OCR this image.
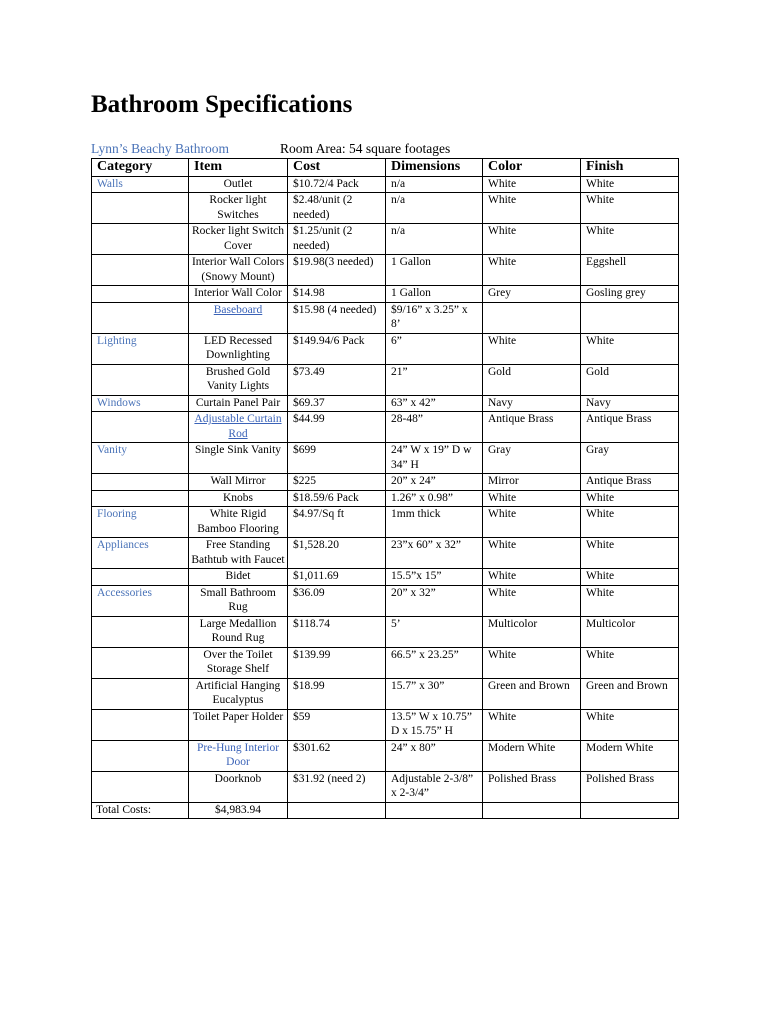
Bathroom Specifications
Lynn’s Beachy Bathroom	Room Area: 54 square footages
Category	Item	Cost	Dimensions	Color	Finish
Walls	Outlet	$10.72/4 Pack	n/a	White	White
	Rocker light Switches	$2.48/unit (2 needed)	n/a	White	White
	Rocker light Switch Cover	$1.25/unit (2 needed)	n/a	White	White
	Interior Wall Colors (Snowy Mount)	$19.98(3 needed)	1 Gallon	White	Eggshell
	Interior Wall Color	$14.98	1 Gallon	Grey	Gosling grey
	Baseboard	$15.98 (4 needed)	$9/16” x 3.25” x 8’		
Lighting	LED Recessed Downlighting	$149.94/6 Pack	6”	White	White
	Brushed Gold Vanity Lights	$73.49	21”	Gold	Gold
Windows	Curtain Panel Pair	$69.37	63” x 42”	Navy	Navy
	Adjustable Curtain Rod	$44.99	28-48”	Antique Brass	Antique Brass
Vanity	Single Sink Vanity	$699	24” W x 19” D w 34” H	Gray	Gray
	Wall Mirror	$225	20” x 24”	Mirror	Antique Brass
	Knobs	$18.59/6 Pack	1.26” x 0.98”	White	White
Flooring	White Rigid Bamboo Flooring	$4.97/Sq ft	1mm thick	White	White
Appliances	Free Standing Bathtub with Faucet	$1,528.20	23”x 60” x 32”	White	White
	Bidet	$1,011.69	15.5”x 15”	White	White
Accessories	Small Bathroom Rug	$36.09	20” x 32”	White	White
	Large Medallion Round Rug	$118.74	5’	Multicolor	Multicolor
	Over the Toilet Storage Shelf	$139.99	66.5” x 23.25”	White	White
	Artificial Hanging Eucalyptus	$18.99	15.7” x 30”	Green and Brown	Green and Brown
	Toilet Paper Holder	$59	13.5” W x 10.75” D x 15.75” H	White	White
	Pre-Hung Interior Door	$301.62	24” x 80”	Modern White	Modern White
	Doorknob	$31.92 (need 2)	Adjustable 2-3/8” x 2-3/4”	Polished Brass	Polished Brass
Total Costs:	$4,983.94				
